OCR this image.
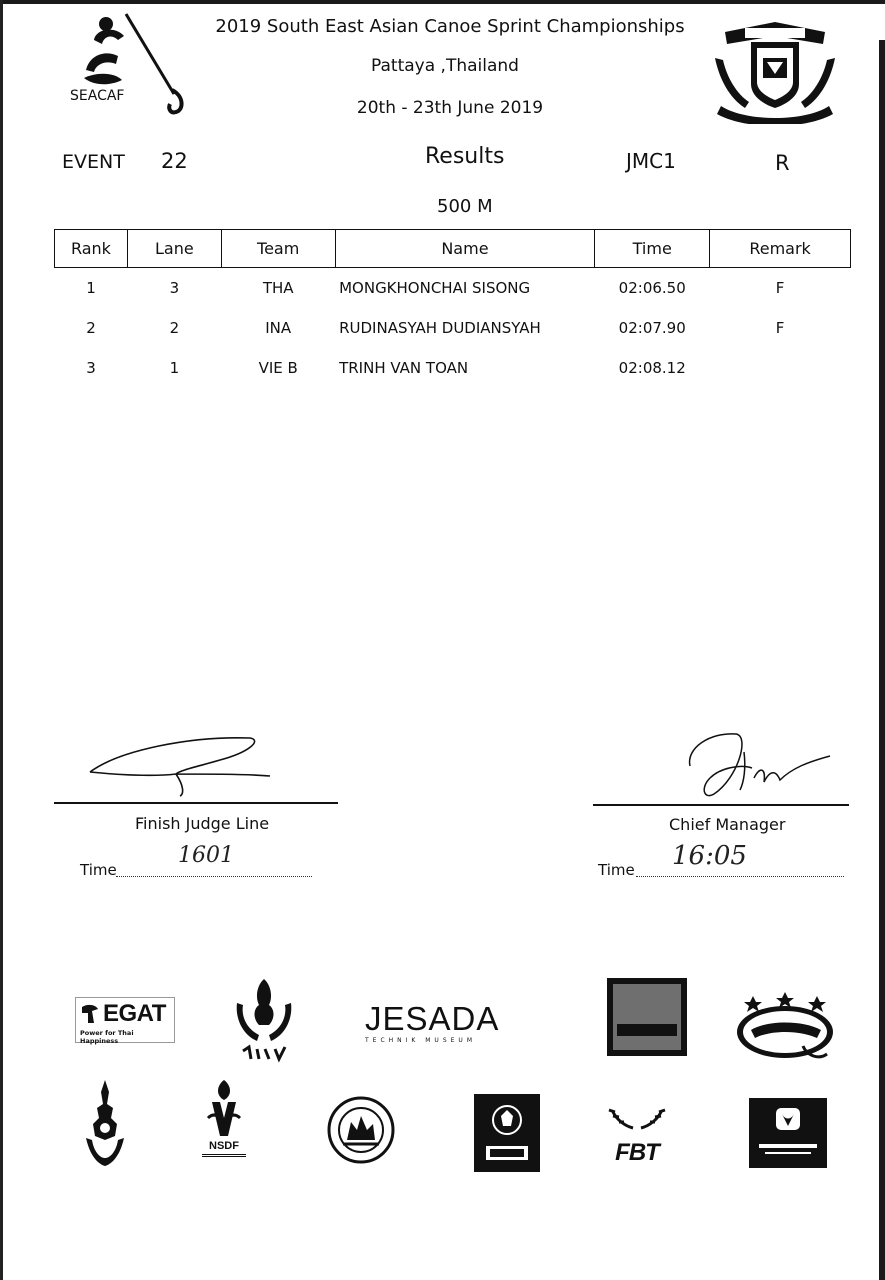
SEACAF
2019 South East Asian Canoe Sprint Championships
Pattaya ,Thailand
20th - 23th June 2019
EVENT 22	Results	JMC1	R
500 M
Rank	Lane	Team	Name	Time	Remark
1	3	THA	MONGKHONCHAI SISONG	02:06.50	F
2	2	INA	RUDINASYAH DUDIANSYAH	02:07.90	F
3	1	VIE B	TRINH VAN TOAN	02:08.12	
Finish Judge Line
Time
1601
Chief Manager
Time 16:05
EGAT
Power for Thai Happiness
JESADA
TECHNIK MUSEUM
NSDF	FBT
